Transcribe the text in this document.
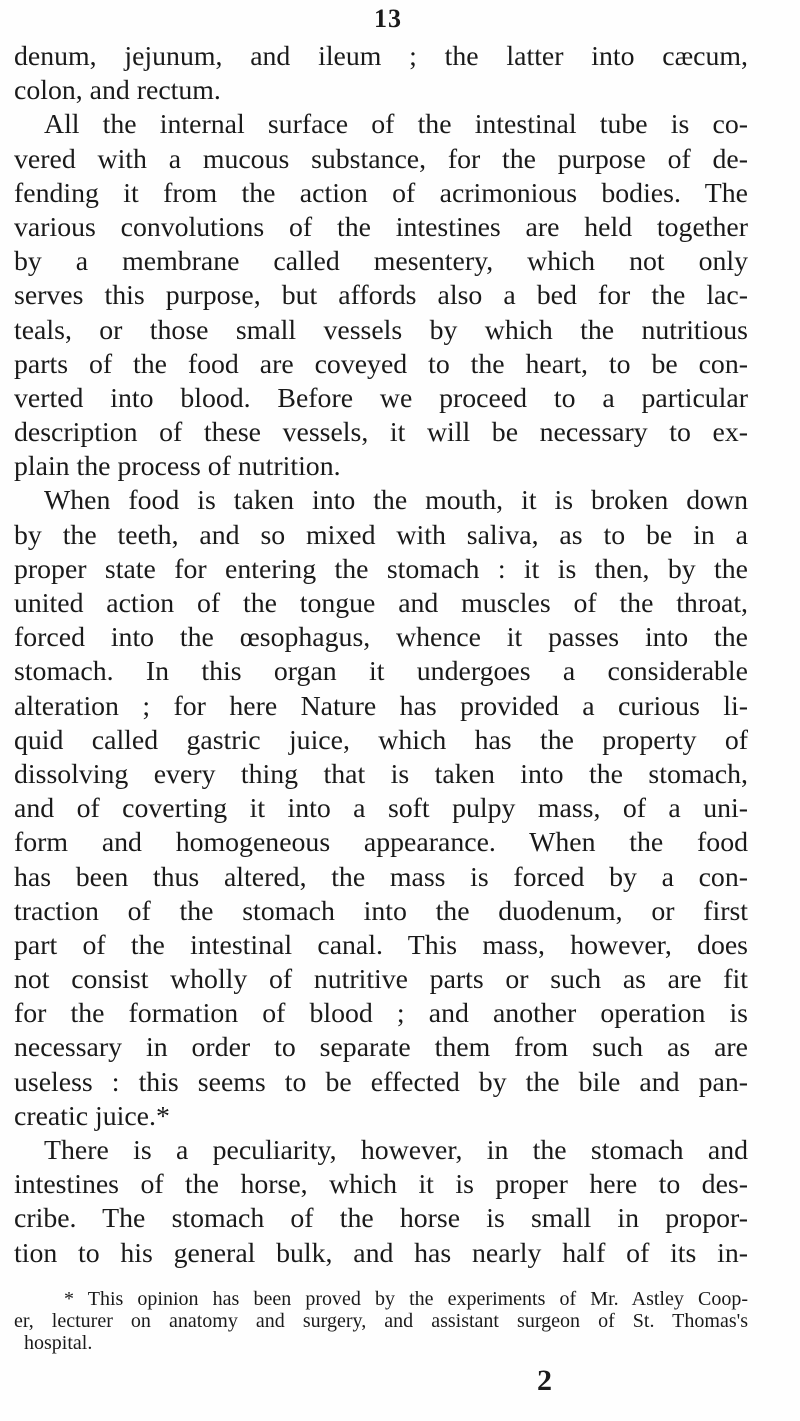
13
denum, jejunum, and ileum ; the latter into cæcum,
colon, and rectum.
All the internal surface of the intestinal tube is co-
vered with a mucous substance, for the purpose of de-
fending it from the action of acrimonious bodies. The
various convolutions of the intestines are held together
by a membrane called mesentery, which not only
serves this purpose, but affords also a bed for the lac-
teals, or those small vessels by which the nutritious
parts of the food are coveyed to the heart, to be con-
verted into blood. Before we proceed to a particular
description of these vessels, it will be necessary to ex-
plain the process of nutrition.
When food is taken into the mouth, it is broken down
by the teeth, and so mixed with saliva, as to be in a
proper state for entering the stomach : it is then, by the
united action of the tongue and muscles of the throat,
forced into the œsophagus, whence it passes into the
stomach. In this organ it undergoes a considerable
alteration ; for here Nature has provided a curious li-
quid called gastric juice, which has the property of
dissolving every thing that is taken into the stomach,
and of coverting it into a soft pulpy mass, of a uni-
form and homogeneous appearance. When the food
has been thus altered, the mass is forced by a con-
traction of the stomach into the duodenum, or first
part of the intestinal canal. This mass, however, does
not consist wholly of nutritive parts or such as are fit
for the formation of blood ; and another operation is
necessary in order to separate them from such as are
useless : this seems to be effected by the bile and pan-
creatic juice.*
There is a peculiarity, however, in the stomach and
intestines of the horse, which it is proper here to des-
cribe. The stomach of the horse is small in propor-
tion to his general bulk, and has nearly half of its in-
* This opinion has been proved by the experiments of Mr. Astley Coop-
er, lecturer on anatomy and surgery, and assistant surgeon of St. Thomas's
hospital.
2
